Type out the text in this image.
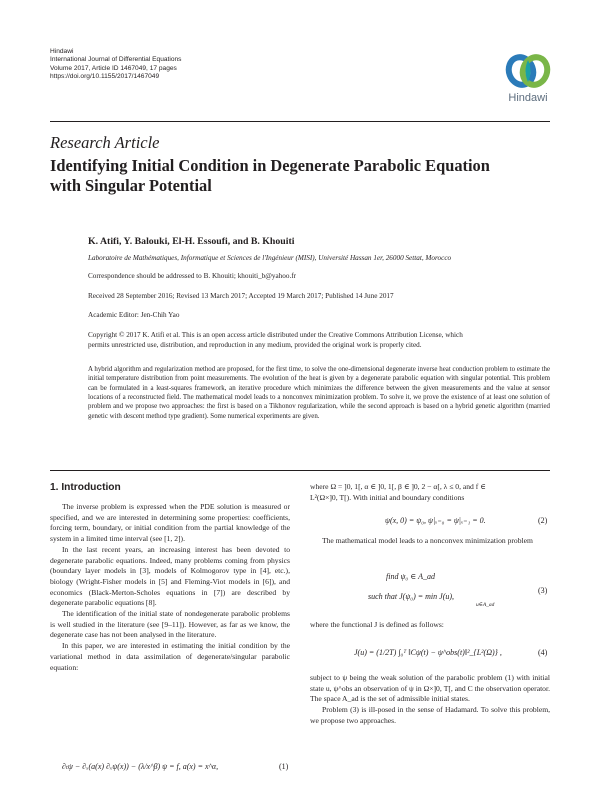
Hindawi
International Journal of Differential Equations
Volume 2017, Article ID 1467049, 17 pages
https://doi.org/10.1155/2017/1467049
Hindawi
Research Article
Identifying Initial Condition in Degenerate Parabolic Equation
with Singular Potential
K. Atifi, Y. Balouki, El-H. Essoufi, and B. Khouiti
Laboratoire de Mathématiques, Informatique et Sciences de l'Ingénieur (MISI), Université Hassan 1er, 26000 Settat, Morocco
Correspondence should be addressed to B. Khouiti; khouiti_b@yahoo.fr
Received 28 September 2016; Revised 13 March 2017; Accepted 19 March 2017; Published 14 June 2017
Academic Editor: Jen-Chih Yao
Copyright © 2017 K. Atifi et al. This is an open access article distributed under the Creative Commons Attribution License, which
permits unrestricted use, distribution, and reproduction in any medium, provided the original work is properly cited.
A hybrid algorithm and regularization method are proposed, for the first time, to solve the one-dimensional degenerate inverse heat conduction problem to estimate the initial temperature distribution from point measurements. The evolution of the heat is given by a degenerate parabolic equation with singular potential. This problem can be formulated in a least-squares framework, an iterative procedure which minimizes the difference between the given measurements and the value at sensor locations of a reconstructed field. The mathematical model leads to a nonconvex minimization problem. To solve it, we prove the existence of at least one solution of problem and we propose two approaches: the first is based on a Tikhonov regularization, while the second approach is based on a hybrid genetic algorithm (married genetic with descent method type gradient). Some numerical experiments are given.
1. Introduction

The inverse problem is expressed when the PDE solution is measured or specified, and we are interested in determining some properties: coefficients, forcing term, boundary, or initial condition from the partial knowledge of the system in a limited time interval (see [1, 2]).

In the last recent years, an increasing interest has been devoted to degenerate parabolic equations. Indeed, many problems coming from physics (boundary layer models in [3], models of Kolmogorov type in [4], etc.), biology (Wright-Fisher models in [5] and Fleming-Viot models in [6]), and economics (Black-Merton-Scholes equations in [7]) are described by degenerate parabolic equations [8].

The identification of the initial state of nondegenerate parabolic problems is well studied in the literature (see [9–11]). However, as far as we know, the degenerate case has not been analysed in the literature.

In this paper, we are interested in estimating the initial condition by the variational method in data assimilation of degenerate/singular parabolic equation:

∂ₜψ − ∂ₓ(a(x) ∂ₓψ(x)) − (λ/x^β) ψ = f, a(x) = x^α,	(1)

where Ω = ]0, 1[, α ∈ ]0, 1[, β ∈ ]0, 2 − α[, λ ≤ 0, and f ∈

L²(Ω×]0, T[). With initial and boundary conditions

ψ(x, 0) = ψ₀, ψ|ₓ₌₀ = ψ|ₓ₌₁ = 0.	(2)
The mathematical model leads to a nonconvex minimization problem
find ψ₀ ∈ A_ad
such that J(ψ₀) = min J(u),
u∈A_ad
(3)
where the functional J is defined as follows:
J(u) = (1/2T) ∫₀ᵀ ‖Cψ(t) − ψ^obs(t)‖²_{L²(Ω)} ,	(4)

subject to ψ being the weak solution of the parabolic problem (1) with initial state u, ψ^obs an observation of ψ in Ω×]0, T[, and C the observation operator. The space A_ad is the set of admissible initial states.

Problem (3) is ill-posed in the sense of Hadamard. To solve this problem, we propose two approaches.
